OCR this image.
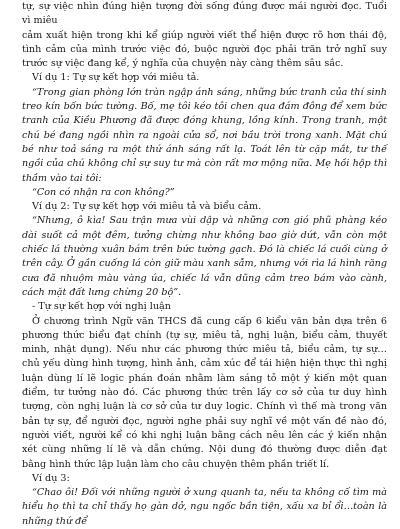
tự, sự việc nhìn đúng hiện tượng đời sống đúng được mái người đọc. Tuổi vì miêu

cảm xuất hiện trong khi kể giúp người viết thể hiện được rõ hơn thái độ, tình cảm của mình trước việc đó, buộc người đọc phải trăn trở nghĩ suy trước sự việc đang kể, ý nghĩa của chuyện này càng thêm sâu sắc.

Ví dụ 1: Tự sự kết hợp với miêu tả.

“Trong gian phòng lớn tràn ngập ánh sáng, những bức tranh của thí sinh treo kín bốn bức tường. Bố, mẹ tôi kéo tôi chen qua đám đông để xem bức tranh của Kiều Phương đã được đóng khung, lồng kính. Trong tranh, một chú bé đang ngồi nhìn ra ngoài cửa sổ, nơi bầu trời trong xanh. Mặt chú bé như toả sáng ra một thứ ánh sáng rất lạ. Toát lên từ cặp mắt, tư thế ngồi của chú không chỉ sự suy tư mà còn rất mơ mộng nữa. Mẹ hồi hộp thì thầm vào tai tôi:

“Con có nhận ra con không?”

Ví dụ 2: Tự sự kết hợp với miêu tả và biểu cảm.

“Nhưng, ô kìa! Sau trận mưa vùi dập và những cơn gió phũ phàng kéo dài suốt cả một đêm, tưởng chừng như không bao giờ dứt, vẫn còn một chiếc lá thường xuân bám trên bức tường gạch. Đó là chiếc lá cuối cùng ở trên cây. Ở gần cuống lá còn giữ màu xanh sẫm, nhưng với rìa lá hình răng cưa đã nhuộm màu vàng úa, chiếc lá vẫn dũng cảm treo bám vào cành, cách mặt đất lưng chừng 20 bộ”.

- Tự sự kết hợp với nghị luận

Ở chương trình Ngữ văn THCS đã cung cấp 6 kiểu văn bản dựa trên 6 phương thức biểu đạt chính (tự sự, miêu tả, nghị luận, biểu cảm, thuyết minh, nhật dụng). Nếu như các phương thức miêu tả, biểu cảm, tự sự… chủ yếu dùng hình tượng, hình ảnh, cảm xúc để tái hiện hiện thực thì nghị luận dùng lí lẽ logic phán đoán nhằm làm sáng tỏ một ý kiến một quan điểm, tư tưởng nào đó. Các phương thức trên lấy cơ sở của tư duy hình tượng, còn nghị luận là cơ sở của tư duy logic. Chính vì thế mà trong văn bản tự sự, để người đọc, người nghe phải suy nghĩ về một vấn đề nào đó, người viết, người kể có khi nghị luận bằng cách nêu lên các ý kiến nhận xét cùng những lí lẽ và dẫn chứng. Nội dung đó thường được diễn đạt bằng hình thức lập luận làm cho câu chuyện thêm phần triết lí.

Ví dụ 3:

“Chao ôi! Đối với những người ở xung quanh ta, nếu ta không cố tìm mà hiểu họ thì ta chỉ thấy họ gàn dở, ngu ngốc bần tiện, xấu xa bỉ ổi…toàn là những thứ để
